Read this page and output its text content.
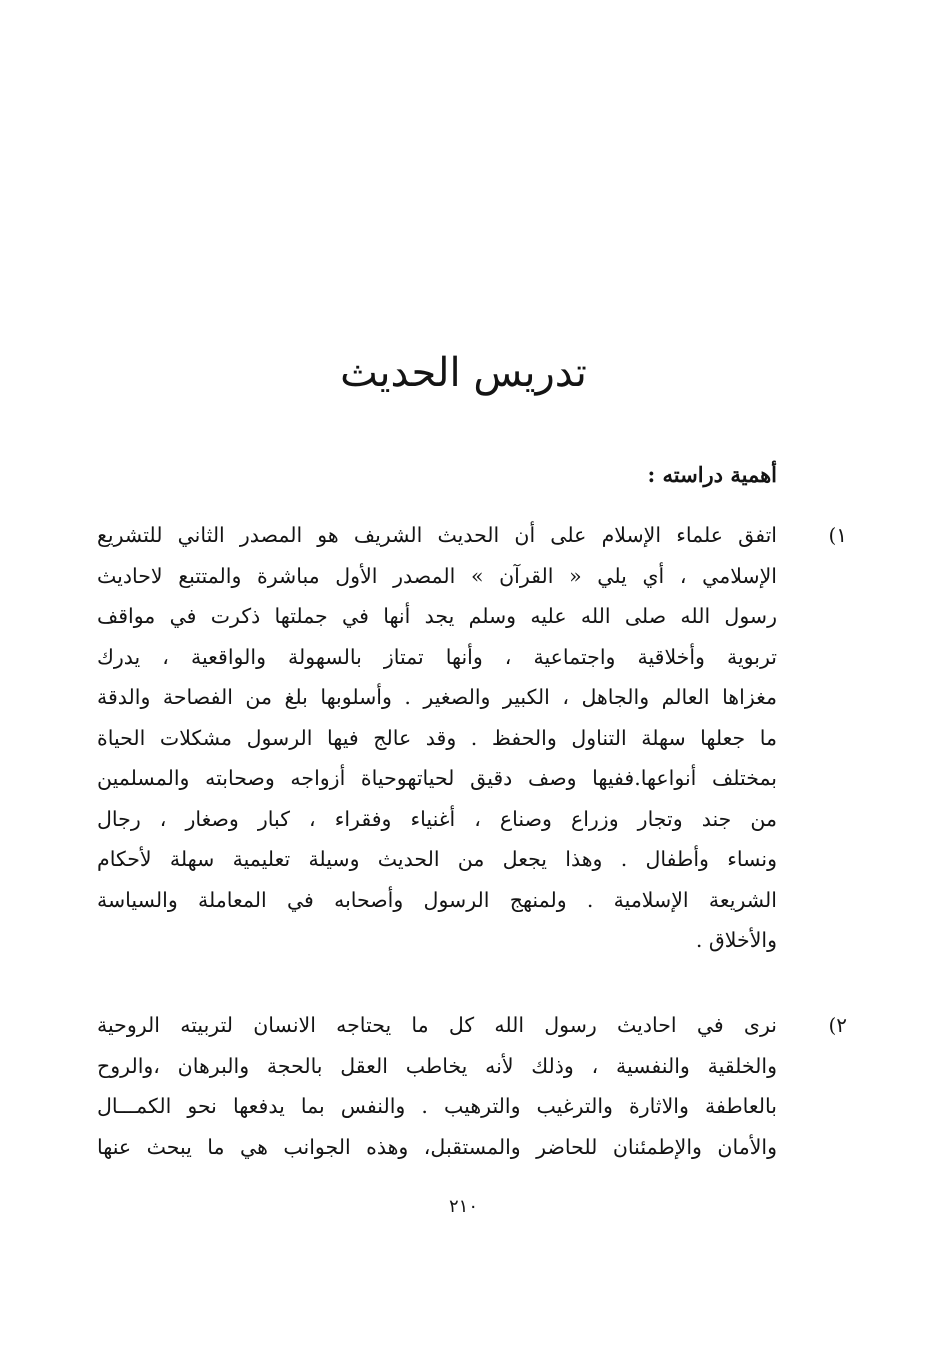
تدريس الحديث
أهمية دراسته :
١)
اتفق علماء الإسلام على أن الحديث الشريف هو المصدر الثاني للتشريع
الإسلامي ، أي يلي « القرآن » المصدر الأول مباشرة والمتتبع لاحاديث
رسول الله صلى الله عليه وسلم يجد أنها في جملتها ذكرت في مواقف
تربوية وأخلاقية واجتماعية ، وأنها تمتاز بالسهولة والواقعية ، يدرك
مغزاها العالم والجاهل ، الكبير والصغير . وأسلوبها بلغ من الفصاحة والدقة
ما جعلها سهلة التناول والحفظ . وقد عالج فيها الرسول مشكلات الحياة
بمختلف أنواعها.ففيها وصف دقيق لحياتهوحياة أزواجه وصحابته والمسلمين
من جند وتجار وزراع وصناع ، أغنياء وفقراء ، كبار وصغار ، رجال
ونساء وأطفال . وهذا يجعل من الحديث وسيلة تعليمية سهلة لأحكام
الشريعة الإسلامية . ولمنهج الرسول وأصحابه في المعاملة والسياسة
والأخلاق .
٢)
نرى في احاديث رسول الله كل ما يحتاجه الانسان لتربيته الروحية
والخلقية والنفسية ، وذلك لأنه يخاطب العقل بالحجة والبرهان ،والروح
بالعاطفة والاثارة والترغيب والترهيب . والنفس بما يدفعها نحو الكمـــال
والأمان والإطمئنان للحاضر والمستقبل، وهذه الجوانب هي ما يبحث عنها
٢١٠
